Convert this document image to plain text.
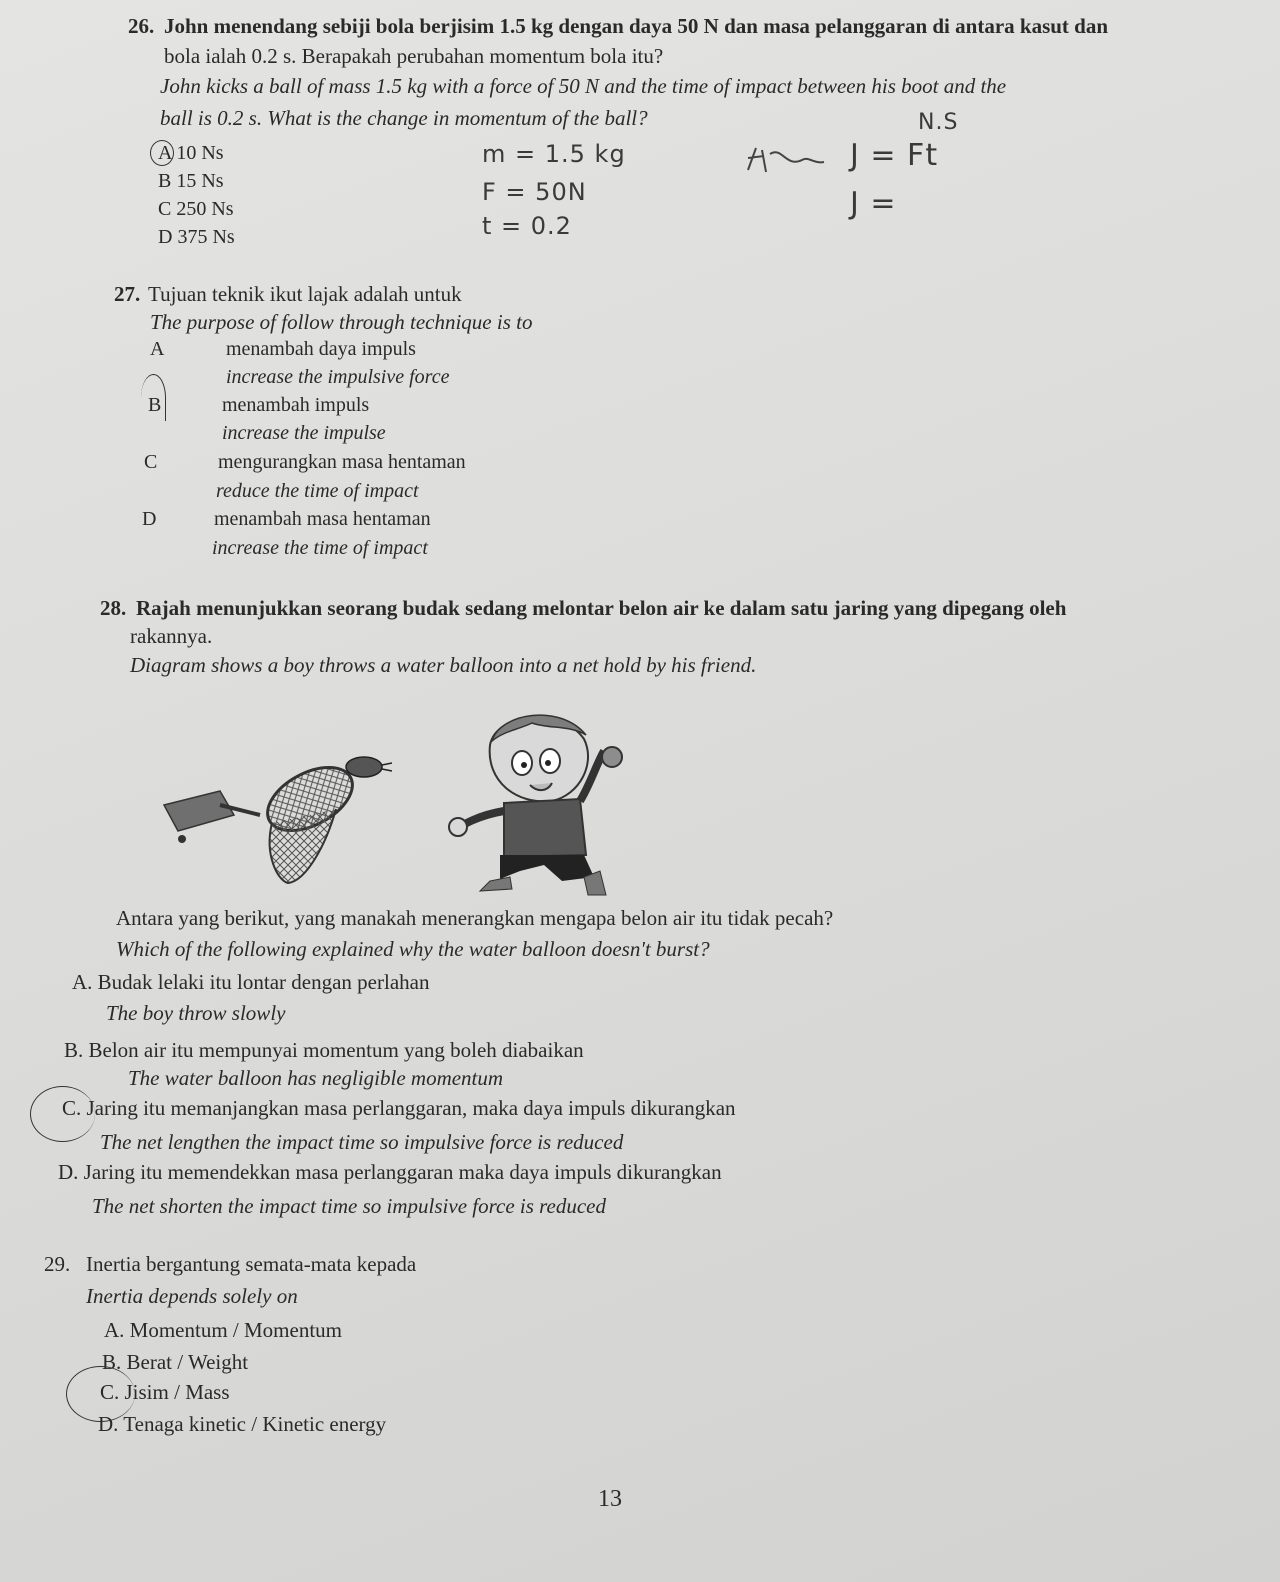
26. John menendang sebiji bola berjisim 1.5 kg dengan daya 50 N dan masa pelanggaran di antara kasut dan
bola ialah 0.2 s. Berapakah perubahan momentum bola itu?
John kicks a ball of mass 1.5 kg with a force of 50 N and the time of impact between his boot and the
ball is 0.2 s. What is the change in momentum of the ball?
A 10 Ns
B 15 Ns
C 250 Ns
D 375 Ns
m = 1.5 kg
F = 50N
t = 0.2
N.S
J = Ft
J =
27. Tujuan teknik ikut lajak adalah untuk
The purpose of follow through technique is to
A	menambah daya impuls
increase the impulsive force
B	menambah impuls
increase the impulse
C	mengurangkan masa hentaman
reduce the time of impact
D	menambah masa hentaman
increase the time of impact
28. Rajah menunjukkan seorang budak sedang melontar belon air ke dalam satu jaring yang dipegang oleh
rakannya.
Diagram shows a boy throws a water balloon into a net hold by his friend.
Antara yang berikut, yang manakah menerangkan mengapa belon air itu tidak pecah?
Which of the following explained why the water balloon doesn't burst?
A. Budak lelaki itu lontar dengan perlahan
The boy throw slowly
B. Belon air itu mempunyai momentum yang boleh diabaikan
The water balloon has negligible momentum
C. Jaring itu memanjangkan masa perlanggaran, maka daya impuls dikurangkan
The net lengthen the impact time so impulsive force is reduced
D. Jaring itu memendekkan masa perlanggaran maka daya impuls dikurangkan
The net shorten the impact time so impulsive force is reduced
29. Inertia bergantung semata-mata kepada
Inertia depends solely on
A. Momentum / Momentum
B. Berat / Weight
C. Jisim / Mass
D. Tenaga kinetic / Kinetic energy
13
